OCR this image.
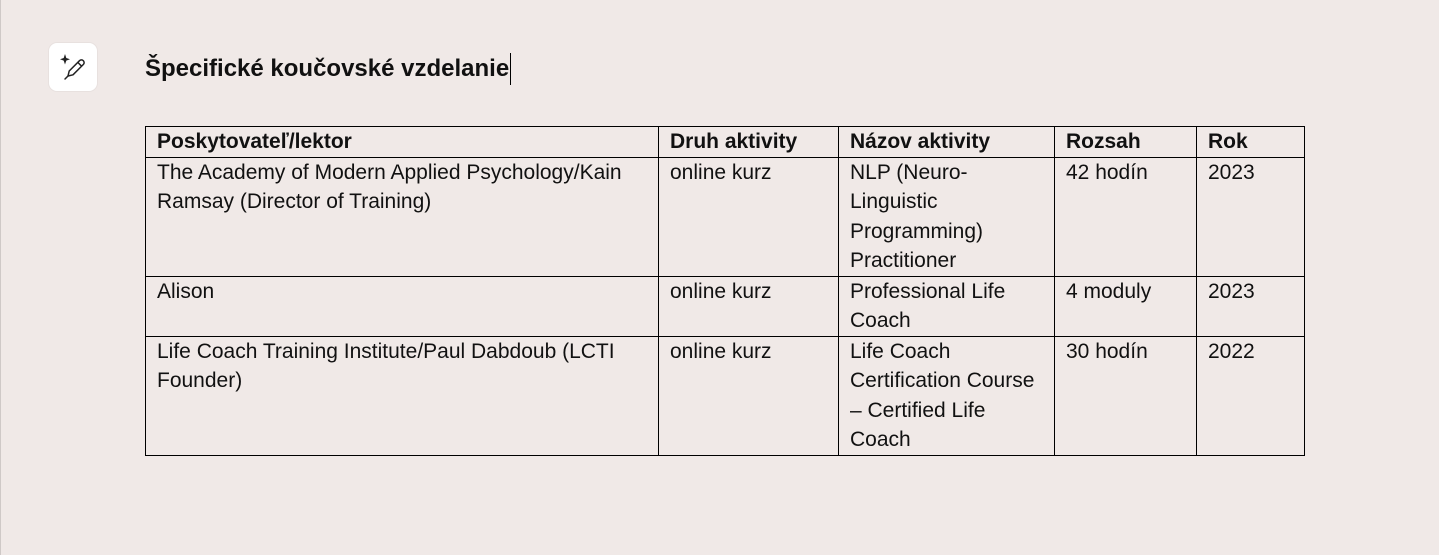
Špecifické koučovské vzdelanie
Poskytovateľ/lektor	Druh aktivity	Názov aktivity	Rozsah	Rok
The Academy of Modern Applied Psychology/Kain Ramsay (Director of Training)	online kurz	NLP (Neuro-Linguistic Programming) Practitioner	42 hodín	2023
Alison	online kurz	Professional Life Coach	4 moduly	2023
Life Coach Training Institute/Paul Dabdoub (LCTI Founder)	online kurz	Life Coach Certification Course – Certified Life Coach	30 hodín	2022
